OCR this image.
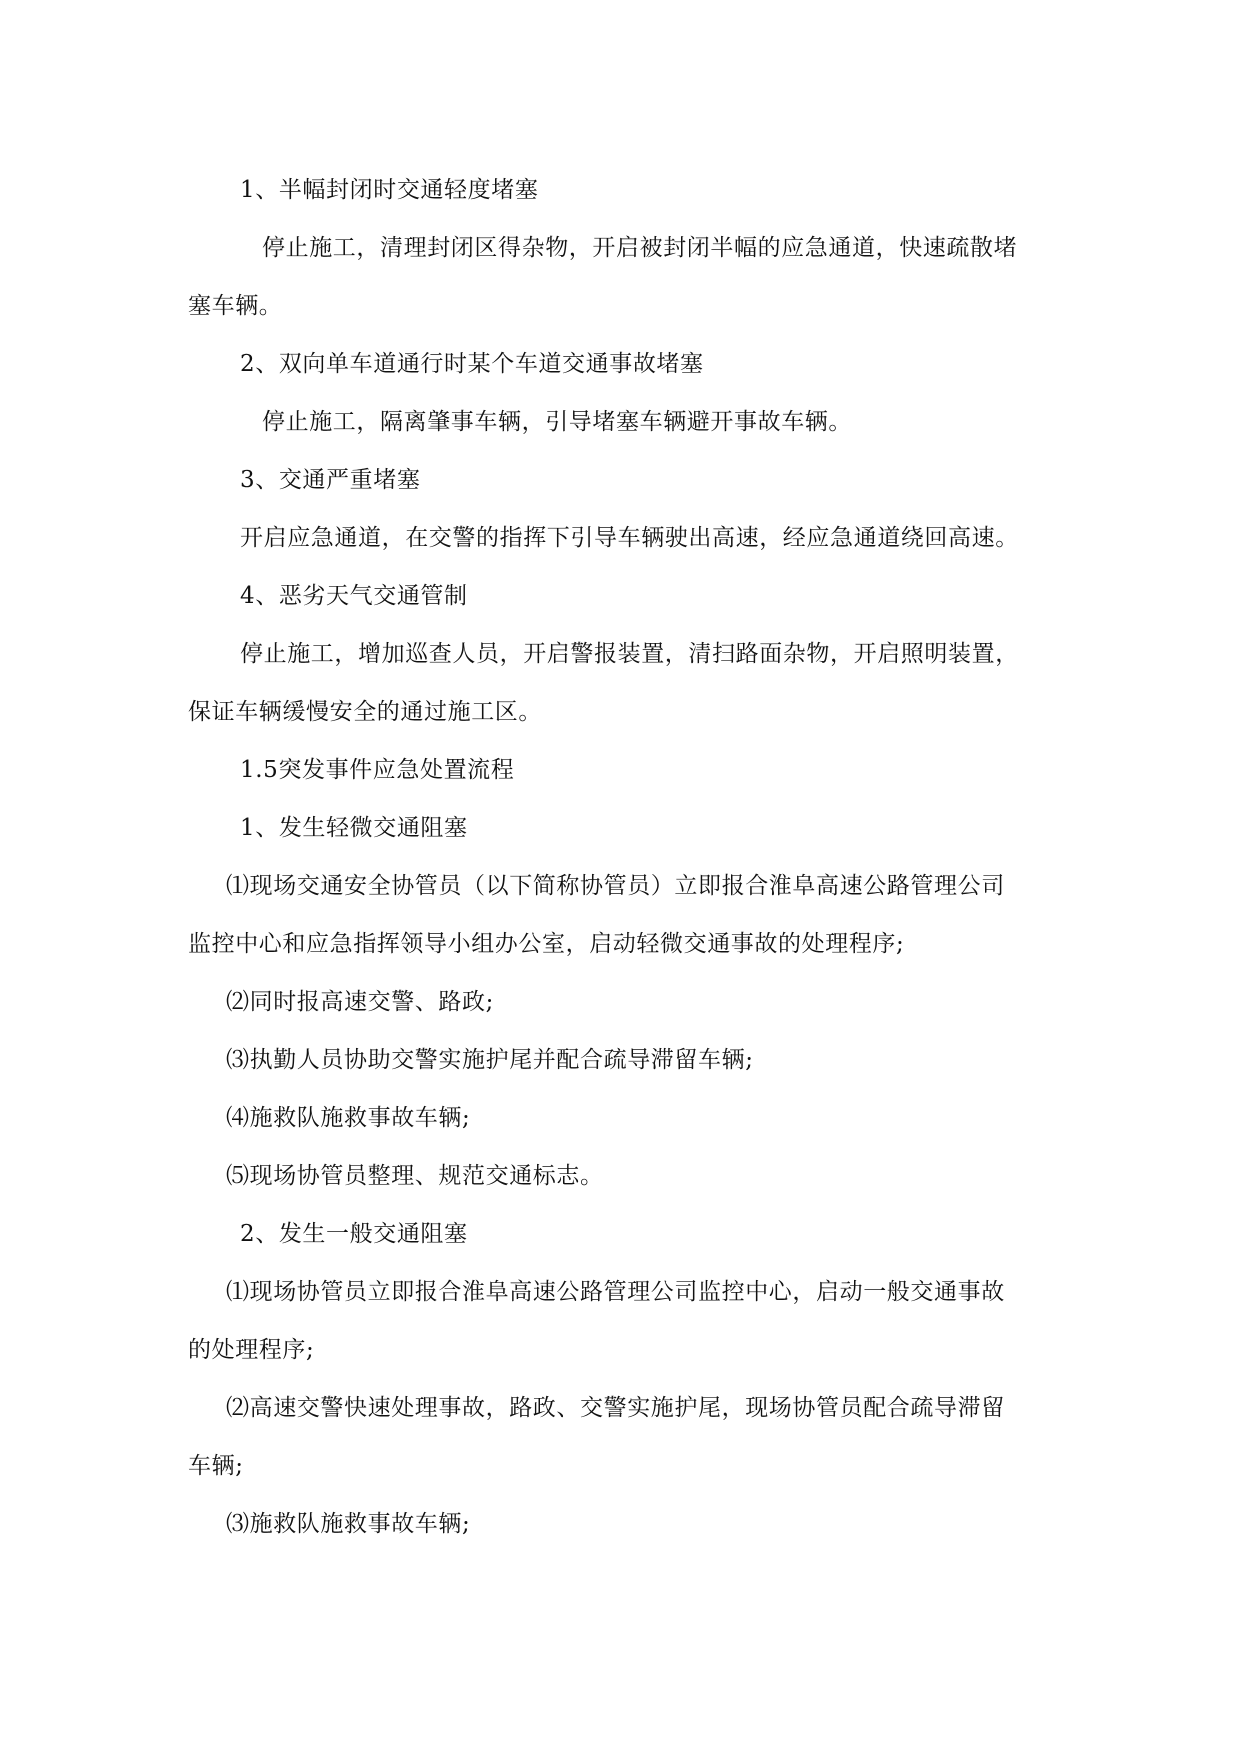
1、半幅封闭时交通轻度堵塞

停止施工，清理封闭区得杂物，开启被封闭半幅的应急通道，快速疏散堵

塞车辆。

2、双向单车道通行时某个车道交通事故堵塞

停止施工，隔离肇事车辆，引导堵塞车辆避开事故车辆。

3、交通严重堵塞

开启应急通道，在交警的指挥下引导车辆驶出高速，经应急通道绕回高速。

4、恶劣天气交通管制

停止施工，增加巡查人员，开启警报装置，清扫路面杂物，开启照明装置，

保证车辆缓慢安全的通过施工区。

1.5突发事件应急处置流程

1、发生轻微交通阻塞

⑴现场交通安全协管员（以下简称协管员）立即报合淮阜高速公路管理公司

监控中心和应急指挥领导小组办公室，启动轻微交通事故的处理程序;

⑵同时报高速交警、路政;

⑶执勤人员协助交警实施护尾并配合疏导滞留车辆;

⑷施救队施救事故车辆;

⑸现场协管员整理、规范交通标志。

2、发生一般交通阻塞

⑴现场协管员立即报合淮阜高速公路管理公司监控中心，启动一般交通事故

的处理程序;

⑵高速交警快速处理事故，路政、交警实施护尾，现场协管员配合疏导滞留

车辆;

⑶施救队施救事故车辆;
